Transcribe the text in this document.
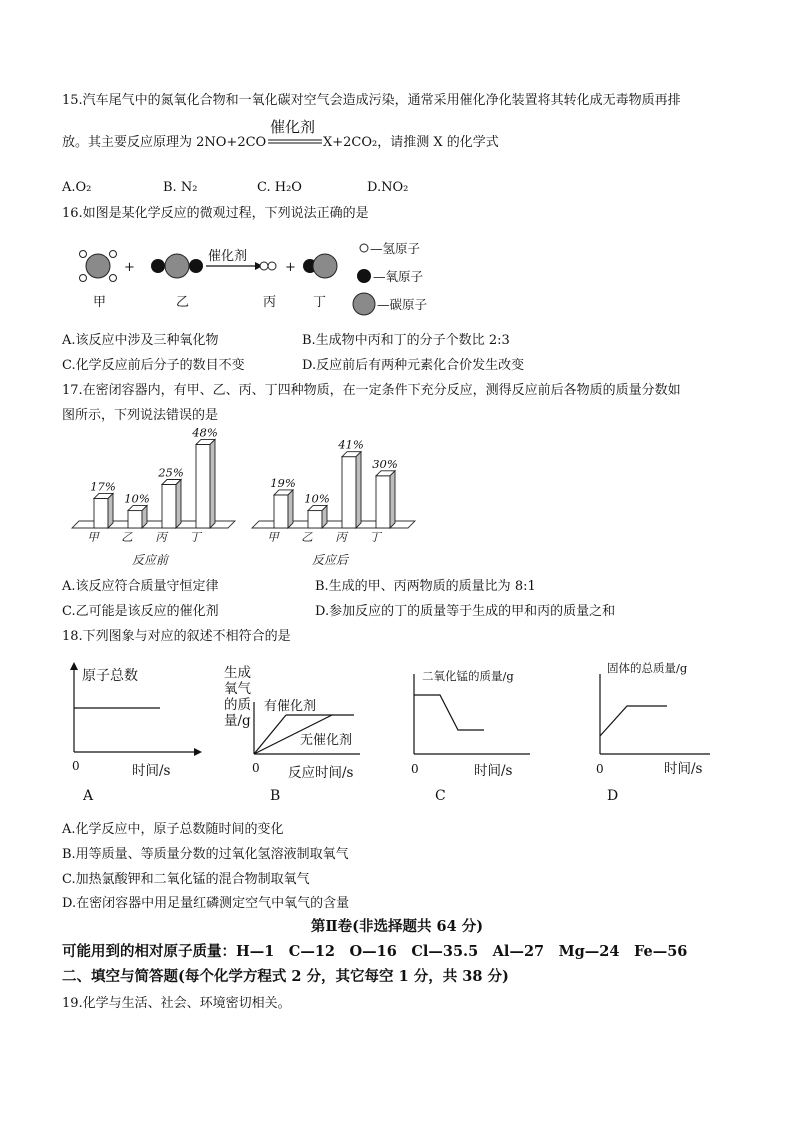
15.汽车尾气中的氮氧化合物和一氧化碳对空气会造成污染，通常采用催化净化装置将其转化成无毒物质再排
放。其主要反应原理为 2NO+2CO
催化剂
X+2CO₂，请推测 X 的化学式
A.O₂	B. N₂	C. H₂O	D.NO₂
16.如图是某化学反应的微观过程，下列说法正确的是
+
催化剂
+
甲	乙	丙	丁
—氢原子
—氧原子
—碳原子
A.该反应中涉及三种氧化物	B.生成物中丙和丁的分子个数比 2:3
C.化学反应前后分子的数目不变	D.反应前后有两种元素化合价发生改变
17.在密闭容器内，有甲、乙、丙、丁四种物质，在一定条件下充分反应，测得反应前后各物质的质量分数如
图所示，下列说法错误的是
17%
甲
10%
乙
25%
丙
48%
丁
反应前
19%
甲
10%
乙
41%
丙
30%
丁
反应后
A.该反应符合质量守恒定律	B.生成的甲、丙两物质的质量比为 8:1
C.乙可能是该反应的催化剂	D.参加反应的丁的质量等于生成的甲和丙的质量之和
18.下列图象与对应的叙述不相符合的是
原子总数
0	时间/s
A
生成
氧气
的质
量/g
有催化剂
无催化剂
0 反应时间/s
B
二氧化锰的质量/g
0	时间/s
C
固体的总质量/g
0	时间/s
D
A.化学反应中，原子总数随时间的变化
B.用等质量、等质量分数的过氧化氢溶液制取氧气
C.加热氯酸钾和二氧化锰的混合物制取氧气
D.在密闭容器中用足量红磷测定空气中氧气的含量
第Ⅱ卷(非选择题共 64 分)
可能用到的相对原子质量：H—1　C—12　O—16　Cl—35.5　Al—27　Mg—24　Fe—56
二、填空与简答题(每个化学方程式 2 分，其它每空 1 分，共 38 分)
19.化学与生活、社会、环境密切相关。
